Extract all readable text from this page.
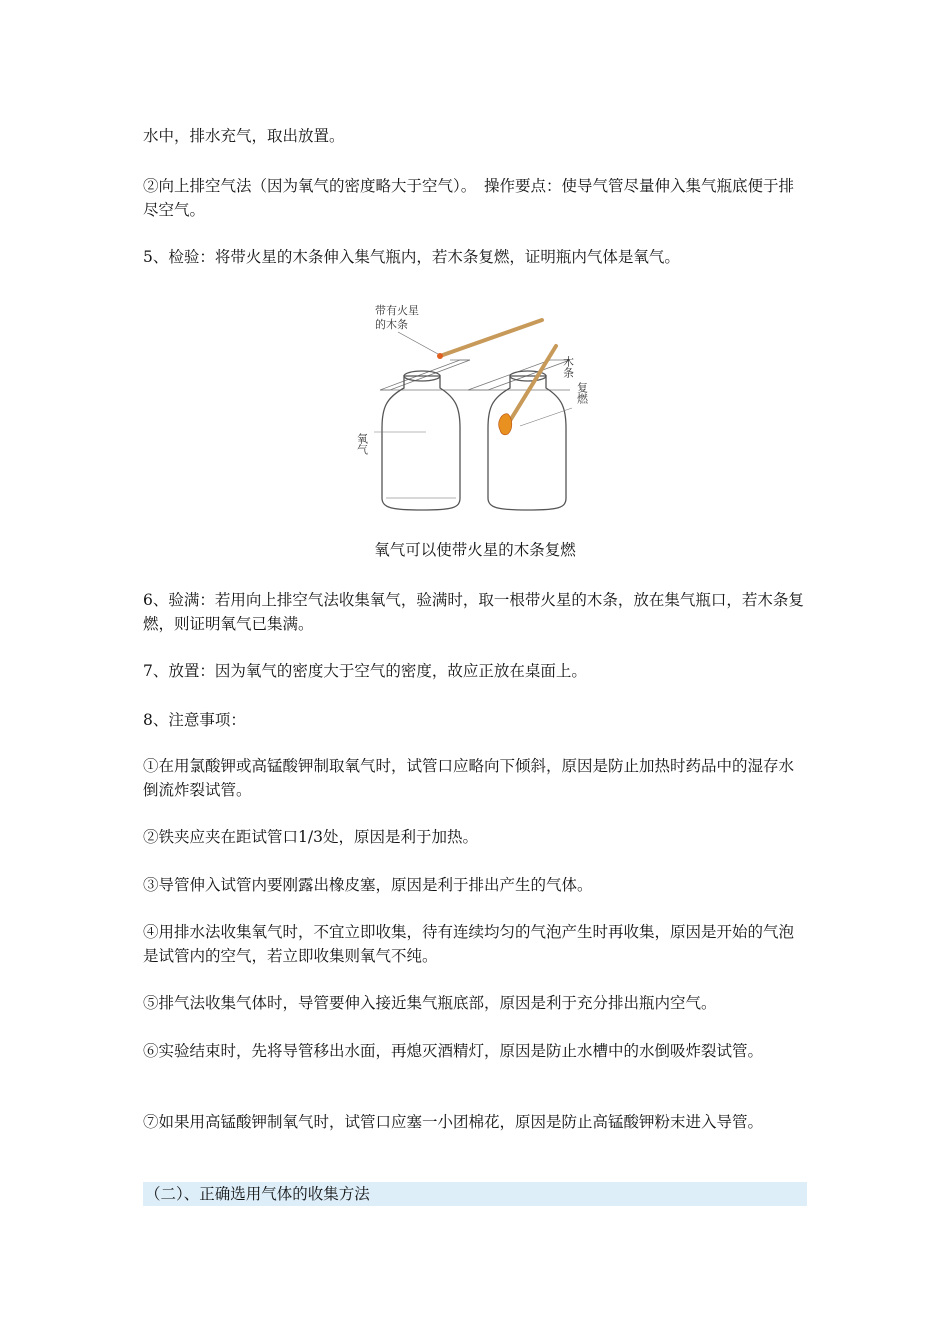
水中，排水充气，取出放置。

②向上排空气法（因为氧气的密度略大于空气）。　操作要点：使导气管尽量伸入集气瓶底便于排尽空气。

5、检验：将带火星的木条伸入集气瓶内，若木条复燃，证明瓶内气体是氧气。

带有火星
的木条
氧气
木条
复燃

氧气可以使带火星的木条复燃

6、验满：若用向上排空气法收集氧气，验满时，取一根带火星的木条，放在集气瓶口，若木条复燃，则证明氧气已集满。

7、放置：因为氧气的密度大于空气的密度，故应正放在桌面上。

8、注意事项：

①在用氯酸钾或高锰酸钾制取氧气时，试管口应略向下倾斜，原因是防止加热时药品中的湿存水倒流炸裂试管。

②铁夹应夹在距试管口1/3处，原因是利于加热。

③导管伸入试管内要刚露出橡皮塞，原因是利于排出产生的气体。

④用排水法收集氧气时，不宜立即收集，待有连续均匀的气泡产生时再收集，原因是开始的气泡是试管内的空气，若立即收集则氧气不纯。

⑤排气法收集气体时，导管要伸入接近集气瓶底部，原因是利于充分排出瓶内空气。

⑥实验结束时，先将导管移出水面，再熄灭酒精灯，原因是防止水槽中的水倒吸炸裂试管。

⑦如果用高锰酸钾制氧气时，试管口应塞一小团棉花，原因是防止高锰酸钾粉末进入导管。

（二）、正确选用气体的收集方法
